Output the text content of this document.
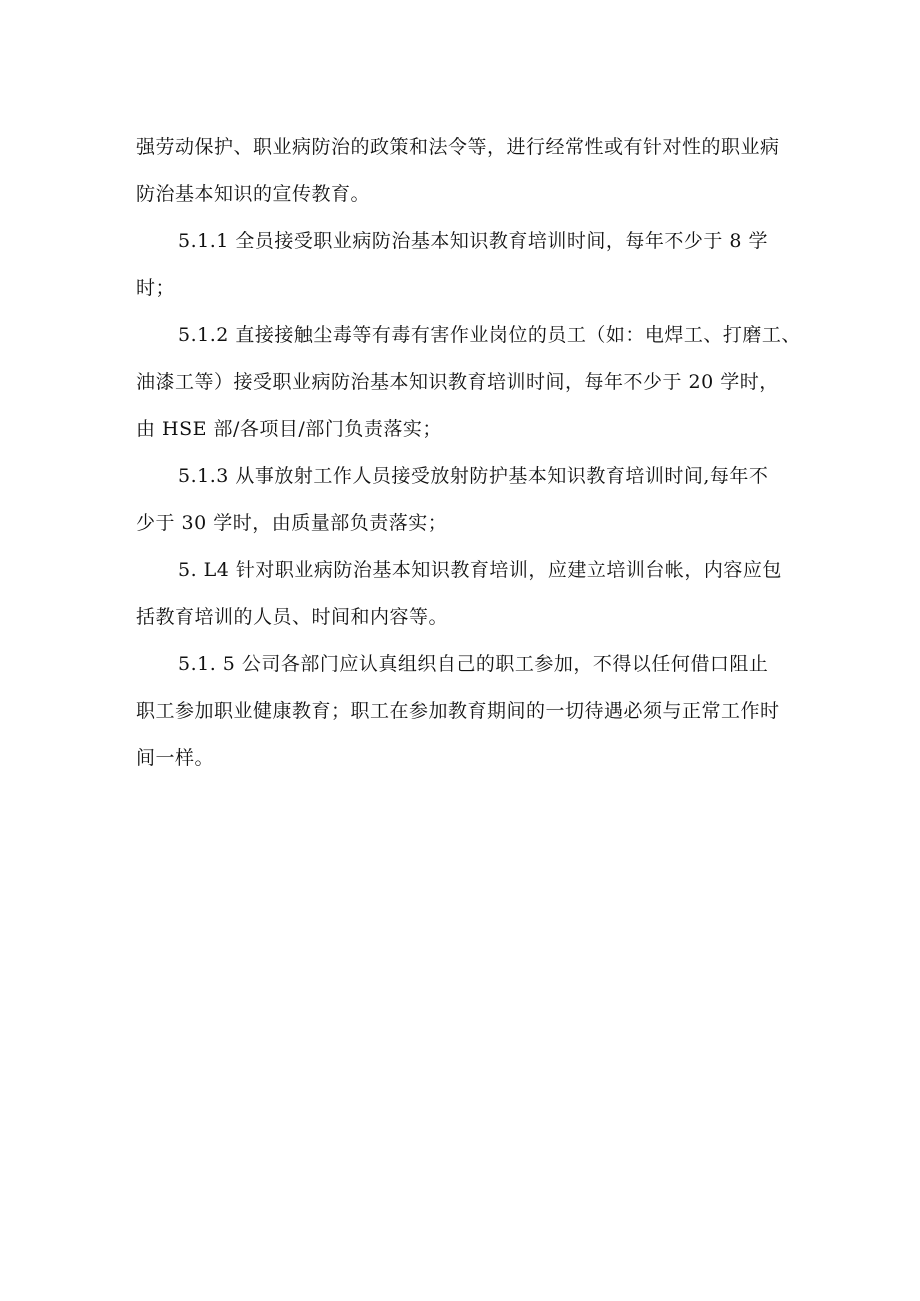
强劳动保护、职业病防治的政策和法令等，进行经常性或有针对性的职业病
防治基本知识的宣传教育。

5.1.1 全员接受职业病防治基本知识教育培训时间，每年不少于 8 学
时；

5.1.2 直接接触尘毒等有毒有害作业岗位的员工（如：电焊工、打磨工、
油漆工等）接受职业病防治基本知识教育培训时间，每年不少于 20 学时，
由 HSE 部/各项目/部门负责落实；

5.1.3 从事放射工作人员接受放射防护基本知识教育培训时间,每年不
少于 30 学时，由质量部负责落实；

5. L4 针对职业病防治基本知识教育培训，应建立培训台帐，内容应包
括教育培训的人员、时间和内容等。

5.1. 5 公司各部门应认真组织自己的职工参加，不得以任何借口阻止
职工参加职业健康教育；职工在参加教育期间的一切待遇必须与正常工作时
间一样。
